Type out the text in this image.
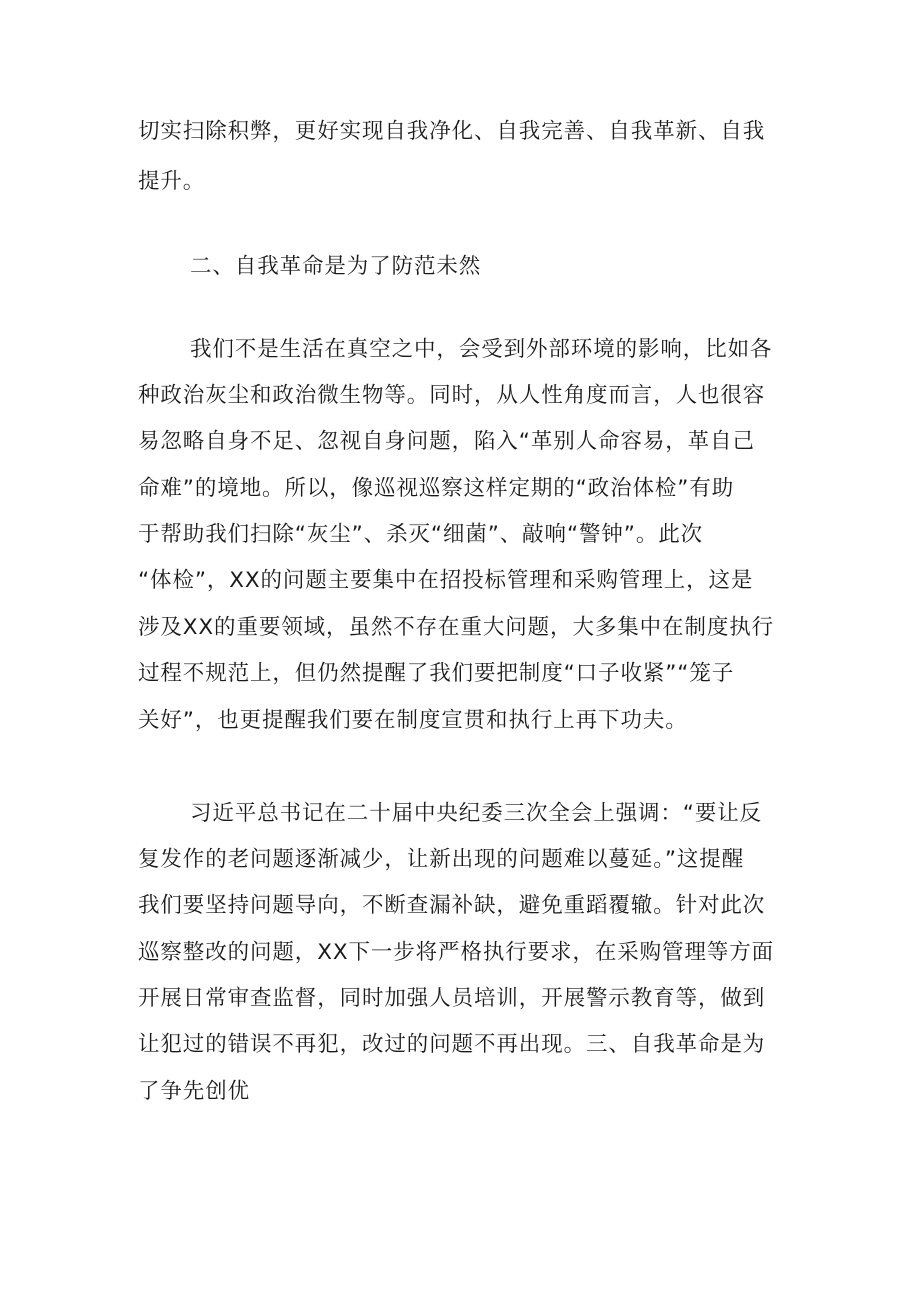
切实扫除积弊，更好实现自我净化、自我完善、自我革新、自我
提升。
二、自我革命是为了防范未然
我们不是生活在真空之中，会受到外部环境的影响，比如各
种政治灰尘和政治微生物等。同时，从人性角度而言，人也很容
易忽略自身不足、忽视自身问题，陷入“革别人命容易，革自己
命难”的境地。所以，像巡视巡察这样定期的“政治体检”有助
于帮助我们扫除“灰尘”、杀灭“细菌”、敲响“警钟”。此次
“体检”，XX的问题主要集中在招投标管理和采购管理上，这是
涉及XX的重要领域，虽然不存在重大问题，大多集中在制度执行
过程不规范上，但仍然提醒了我们要把制度“口子收紧”“笼子
关好”，也更提醒我们要在制度宣贯和执行上再下功夫。
习近平总书记在二十届中央纪委三次全会上强调：“要让反
复发作的老问题逐渐减少，让新出现的问题难以蔓延。”这提醒
我们要坚持问题导向，不断查漏补缺，避免重蹈覆辙。针对此次
巡察整改的问题，XX下一步将严格执行要求，在采购管理等方面
开展日常审查监督，同时加强人员培训，开展警示教育等，做到
让犯过的错误不再犯，改过的问题不再出现。三、自我革命是为
了争先创优
